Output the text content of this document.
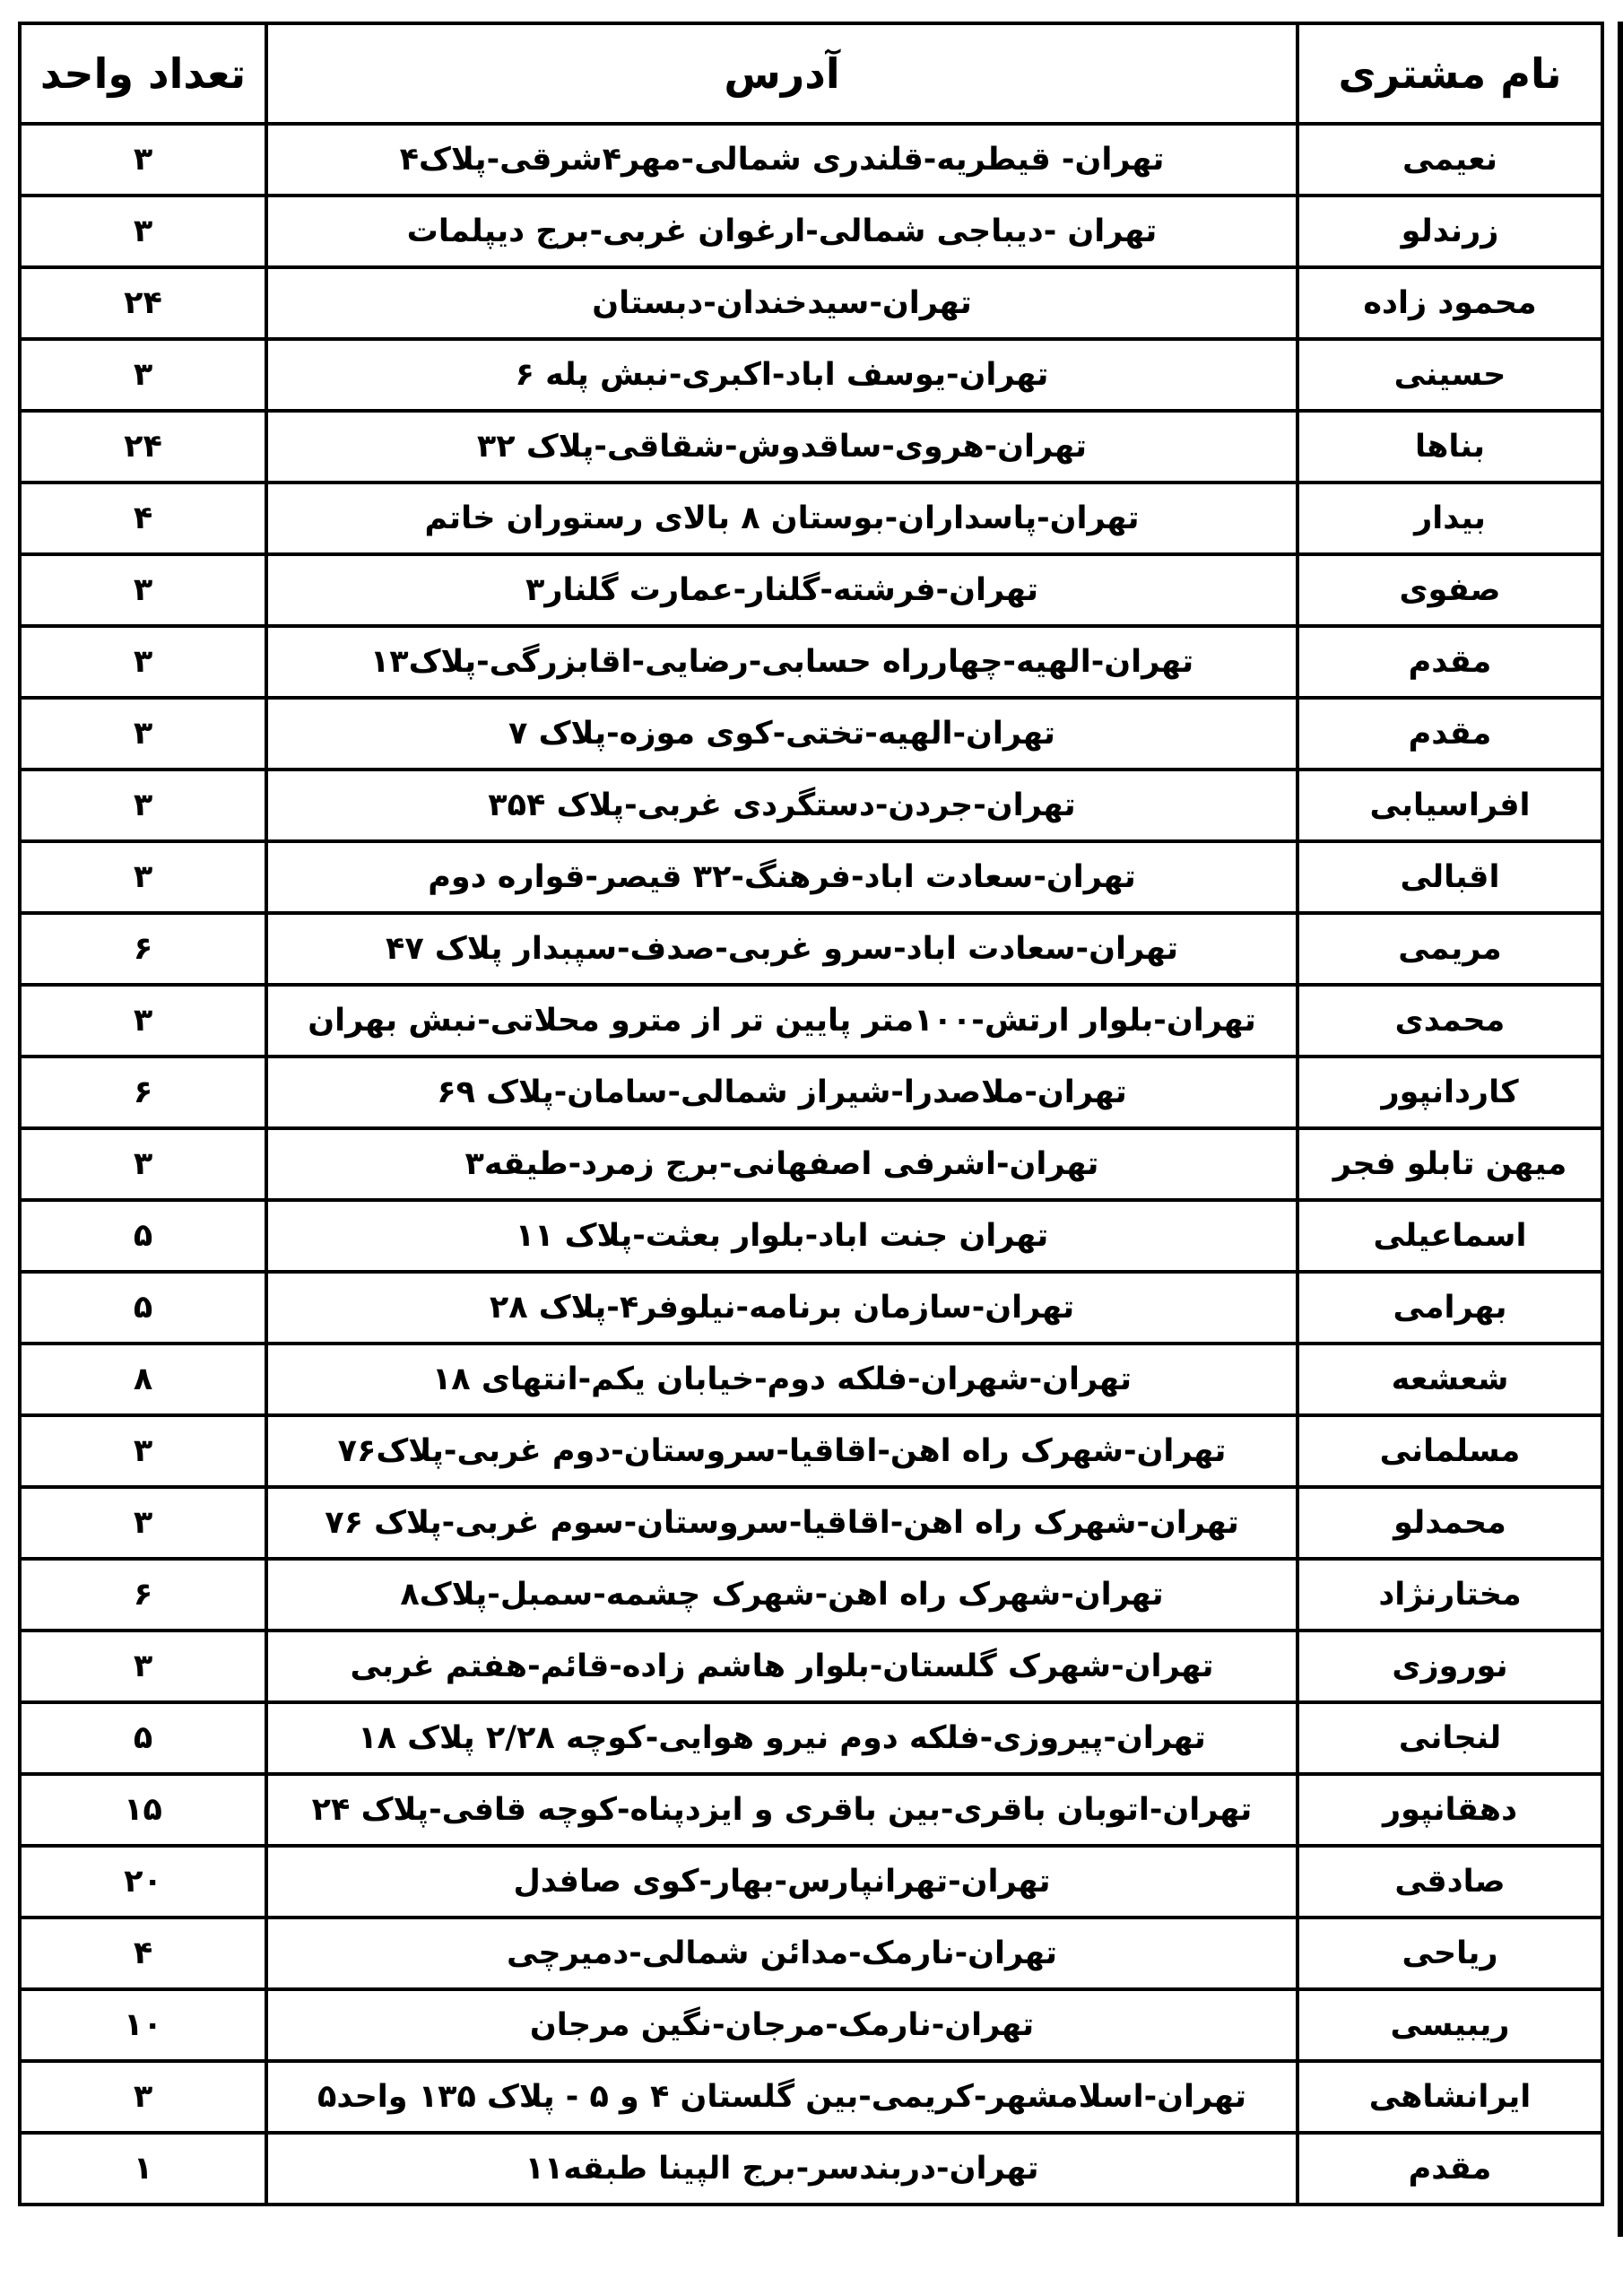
نام مشتری	آدرس	تعداد واحد
نعیمی	تهران- قیطریه-قلندری شمالی-مهر۴شرقی-پلاک۴	۳
زرندلو	تهران -دیباجی شمالی-ارغوان غربی-برج دیپلمات	۳
محمود زاده	تهران-سیدخندان-دبستان	۲۴
حسینی	تهران-یوسف اباد-اکبری-نبش پله ۶	۳
بناها	تهران-هروی-ساقدوش-شقاقی-پلاک ۳۲	۲۴
بیدار	تهران-پاسداران-بوستان ۸ بالای رستوران خاتم	۴
صفوی	تهران-فرشته-گلنار-عمارت گلنار۳	۳
مقدم	تهران-الهیه-چهارراه حسابی-رضایی-اقابزرگی-پلاک۱۳	۳
مقدم	تهران-الهیه-تختی-کوی موزه-پلاک ۷	۳
افراسیابی	تهران-جردن-دستگردی غربی-پلاک ۳۵۴	۳
اقبالی	تهران-سعادت اباد-فرهنگ-۳۲ قیصر-قواره دوم	۳
مریمی	تهران-سعادت اباد-سرو غربی-صدف-سپبدار پلاک ۴۷	۶
محمدی	تهران-بلوار ارتش-۱۰۰متر پایین تر از مترو محلاتی-نبش بهران	۳
کاردانپور	تهران-ملاصدرا-شیراز شمالی-سامان-پلاک ۶۹	۶
میهن تابلو فجر	تهران-اشرفی اصفهانی-برج زمرد-طیقه۳	۳
اسماعیلی	تهران جنت اباد-بلوار بعثت-پلاک ۱۱	۵
بهرامی	تهران-سازمان برنامه-نیلوفر۴-پلاک ۲۸	۵
شعشعه	تهران-شهران-فلکه دوم-خیابان یکم-انتهای ۱۸	۸
مسلمانی	تهران-شهرک راه اهن-اقاقیا-سروستان-دوم غربی-پلاک۷۶	۳
محمدلو	تهران-شهرک راه اهن-اقاقیا-سروستان-سوم غربی-پلاک ۷۶	۳
مختارنژاد	تهران-شهرک راه اهن-شهرک چشمه-سمبل-پلاک۸	۶
نوروزی	تهران-شهرک گلستان-بلوار هاشم زاده-قائم-هفتم غربی	۳
لنجانی	تهران-پیروزی-فلکه دوم نیرو هوایی-کوچه ۲/۲۸ پلاک ۱۸	۵
دهقانپور	تهران-اتوبان باقری-بین باقری و ایزدپناه-کوچه قافی-پلاک ۲۴	۱۵
صادقی	تهران-تهرانپارس-بهار-کوی صافدل	۲۰
ریاحی	تهران-نارمک-مدائن شمالی-دمیرچی	۴
ریبیسی	تهران-نارمک-مرجان-نگین مرجان	۱۰
ایرانشاهی	تهران-اسلامشهر-کریمی-بین گلستان ۴ و ۵ - پلاک ۱۳۵ واحد۵	۳
مقدم	تهران-دربندسر-برج الپینا طبقه۱۱	۱
